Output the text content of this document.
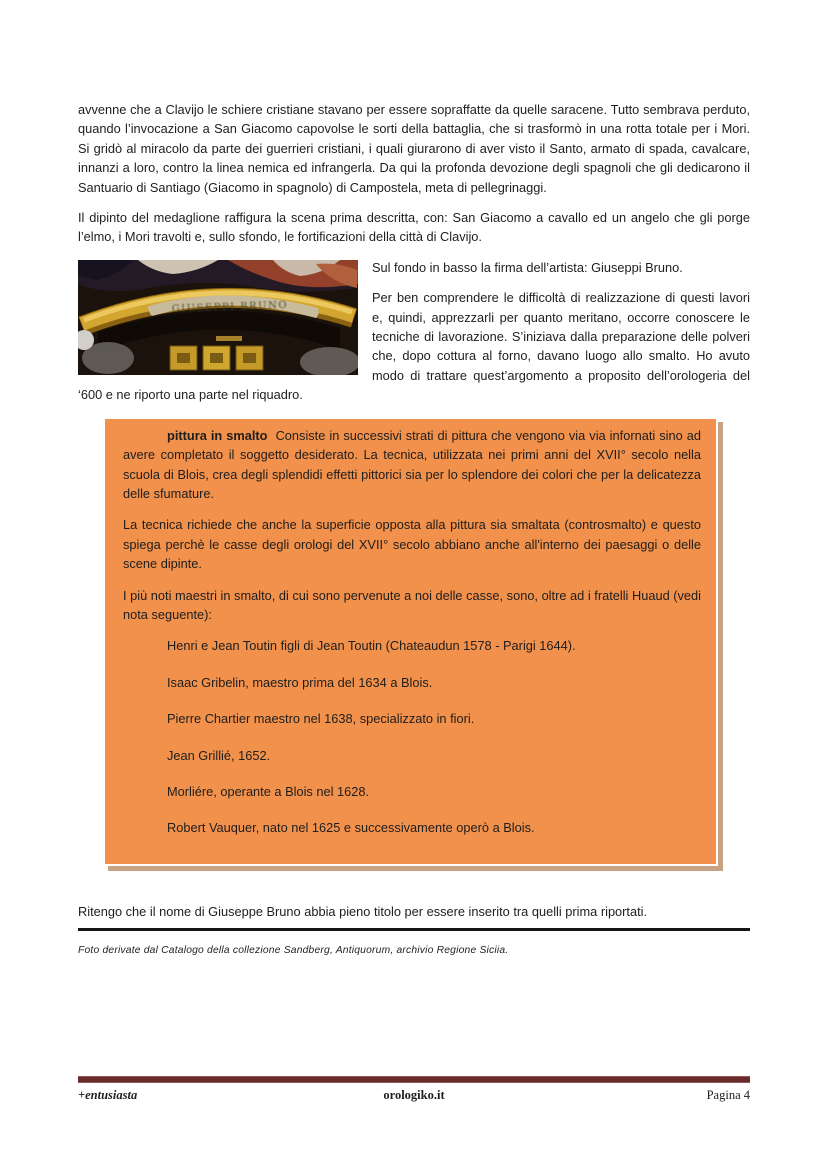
avvenne che a Clavijo le schiere cristiane stavano per essere sopraffatte da quelle saracene. Tutto sembrava perduto, quando l’invocazione a San Giacomo capovolse le sorti della battaglia, che si trasformò in una rotta totale per i Mori. Si gridò al miracolo da parte dei guerrieri cristiani, i quali giurarono di aver visto il Santo, armato di spada, cavalcare, innanzi a loro, contro la linea nemica ed infrangerla. Da qui la profonda devozione degli spagnoli che gli dedicarono il Santuario di Santiago (Giacomo in spagnolo) di Campostela, meta di pellegrinaggi.

Il dipinto del medaglione raffigura la scena prima descritta, con: San Giacomo a cavallo ed un angelo che gli porge l’elmo, i Mori travolti e, sullo sfondo, le fortificazioni della città di Clavijo.

GIUSEPPI BRUNO

Sul fondo in basso la firma dell’artista: Giuseppi Bruno.

Per ben comprendere le difficoltà di realizzazione di questi lavori e, quindi, apprezzarli per quanto meritano, occorre conoscere le tecniche di lavorazione. S’iniziava dalla preparazione delle polveri che, dopo cottura al forno, davano luogo allo smalto. Ho avuto modo di trattare quest’argomento a proposito dell’orologeria del ‘600 e ne riporto una parte nel riquadro.

pittura in smalto  Consiste in successivi strati di pittura che vengono via via infornati sino ad avere completato il soggetto desiderato. La tecnica, utilizzata nei primi anni del XVII° secolo nella scuola di Blois, crea degli splendidi effetti pittorici sia per lo splendore dei colori che per la delicatezza delle sfumature.

La tecnica richiede che anche la superficie opposta alla pittura sia smaltata (controsmalto) e questo spiega perchè le casse degli orologi del XVII° secolo abbiano anche all'interno dei paesaggi o delle scene dipinte.

I più noti maestri in smalto, di cui sono pervenute a noi delle casse, sono, oltre ad i fratelli Huaud (vedi nota seguente):

Henri e Jean Toutin figli di Jean Toutin (Chateaudun 1578 - Parigi 1644).

Isaac Gribelin, maestro prima del 1634 a Blois.

Pierre Chartier maestro nel 1638, specializzato in fiori.

Jean Grillié, 1652.

Morliére, operante a Blois nel 1628.

Robert Vauquer, nato nel 1625 e successivamente operò a Blois.

Ritengo che il nome di Giuseppe Bruno abbia pieno titolo per essere inserito tra quelli prima riportati.

Foto derivate dal Catalogo della collezione Sandberg, Antiquorum, archivio Regione Siciia.

+entusiasta	orologiko.it	Pagina 4
